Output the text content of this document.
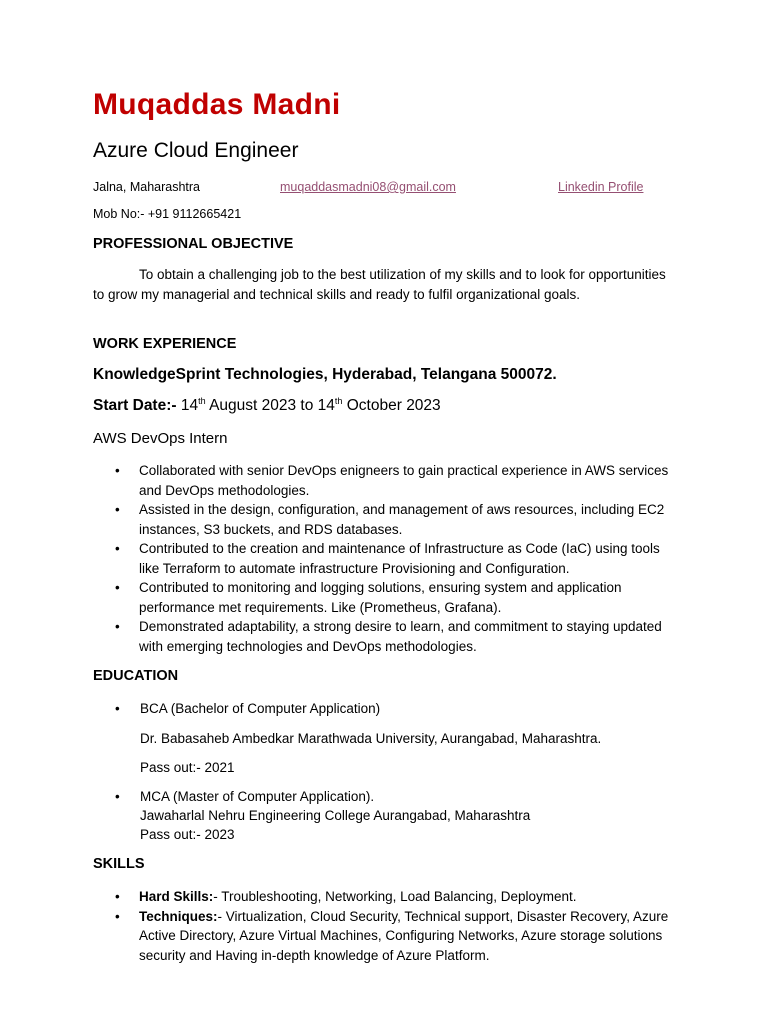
Muqaddas Madni
Azure Cloud Engineer
Jalna, Maharashtra	muqaddasmadni08@gmail.com	Linkedin Profile
Mob No:- +91 9112665421
PROFESSIONAL OBJECTIVE
To obtain a challenging job to the best utilization of my skills and to look for opportunities to grow my managerial and technical skills and ready to fulfil organizational goals.
WORK EXPERIENCE
KnowledgeSprint Technologies, Hyderabad, Telangana 500072.
Start Date:- 14th August 2023 to 14th October 2023
AWS DevOps Intern
• Collaborated with senior DevOps enigneers to gain practical experience in AWS services and DevOps methodologies.
• Assisted in the design, configuration, and management of aws resources, including EC2 instances, S3 buckets, and RDS databases.
• Contributed to the creation and maintenance of Infrastructure as Code (IaC) using tools like Terraform to automate infrastructure Provisioning and Configuration.
• Contributed to monitoring and logging solutions, ensuring system and application performance met requirements. Like (Prometheus, Grafana).
• Demonstrated adaptability, a strong desire to learn, and commitment to staying updated with emerging technologies and DevOps methodologies.
EDUCATION
• BCA (Bachelor of Computer Application)
Dr. Babasaheb Ambedkar Marathwada University, Aurangabad, Maharashtra.
Pass out:- 2021
• MCA (Master of Computer Application).
Jawaharlal Nehru Engineering College Aurangabad, Maharashtra
Pass out:- 2023
SKILLS
• Hard Skills:- Troubleshooting, Networking, Load Balancing, Deployment.
• Techniques:- Virtualization, Cloud Security, Technical support, Disaster Recovery, Azure Active Directory, Azure Virtual Machines, Configuring Networks, Azure storage solutions security and Having in-depth knowledge of Azure Platform.
